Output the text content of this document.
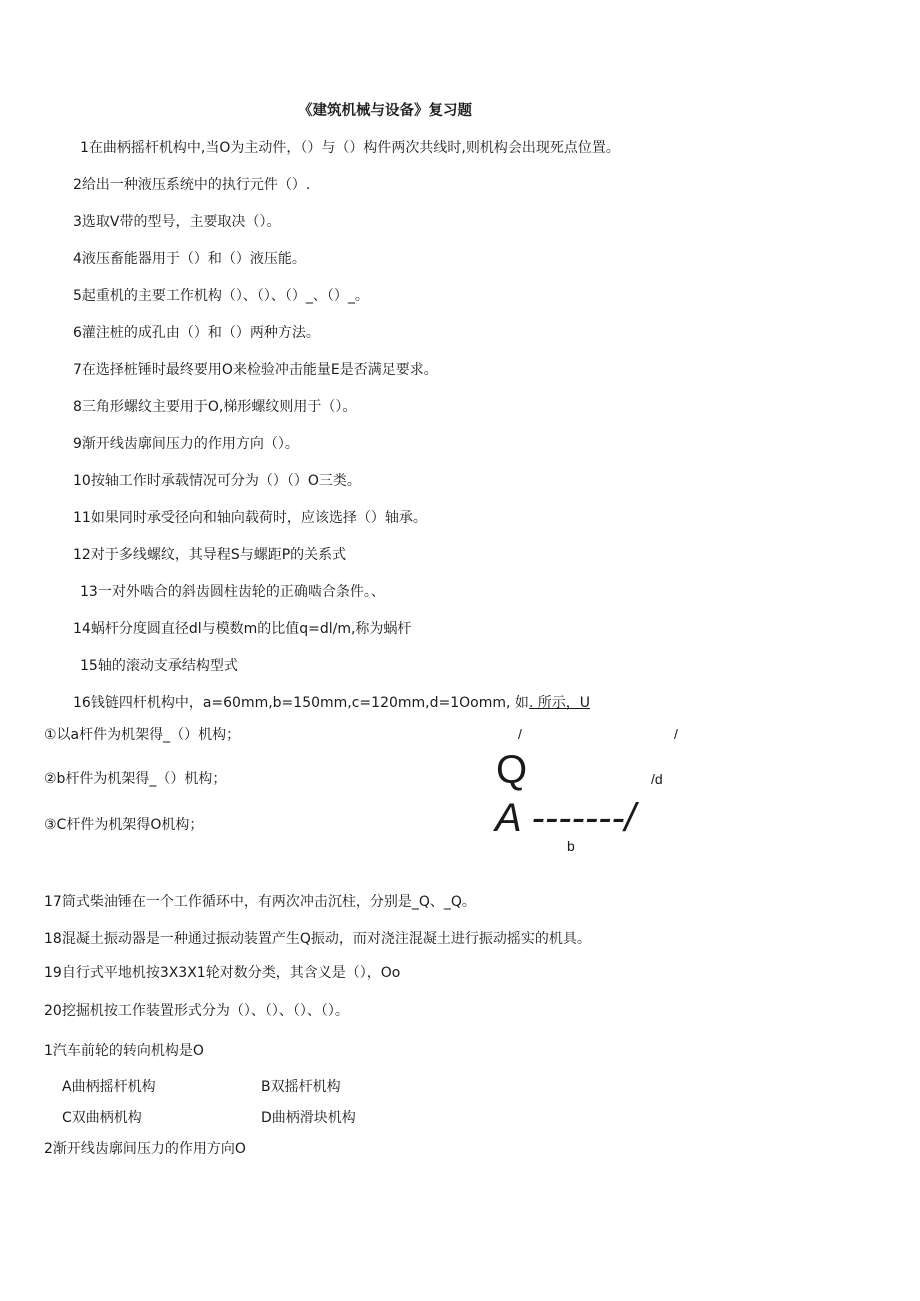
《建筑机械与设备》复习题
1在曲柄摇杆机构中,当O为主动件，（）与（）构件两次共线时,则机构会出现死点位置。
2给出一种液压系统中的执行元件（）.
3选取V带的型号，主要取决（）。
4液压畜能器用于（）和（）液压能。
5起重机的主要工作机构（）、（）、（）_、（）_。
6灌注桩的成孔由（）和（）两种方法。
7在选择桩锤时最终要用O来检验冲击能量E是否满足要求。
8三角形螺纹主要用于O,梯形螺纹则用于（）。
9渐开线齿廓间压力的作用方向（）。
10按轴工作时承载情况可分为（）（）O三类。
11如果同时承受径向和轴向载荷时，应该选择（）轴承。
12对于多线螺纹，其导程S与螺距P的关系式
13一对外啮合的斜齿圆柱齿轮的正确啮合条件。、
14蜗杆分度圆直径dl与模数m的比值q=dl∕m,称为蜗杆
15轴的滚动支承结构型式
16钱链四杆机构中，a=60mm,b=150mm,c=120mm,d=1Oomm, 如. 所示，U
①以a杆件为机架得_（）机构；
②b杆件为机架得_（）机构；
③C杆件为机架得O机构；
/	/
Q	/d
A -------/
b
17筒式柴油锤在一个工作循环中，有两次冲击沉柱，分别是_Q、_Q。
18混凝土振动器是一种通过振动装置产生Q振动，而对浇注混凝土进行振动摇实的机具。
19自行式平地机按3X3X1轮对数分类，其含义是（），Oo
20挖掘机按工作装置形式分为（）、（）、（）、（）。
1汽车前轮的转向机构是O
A曲柄摇杆机构	B双摇杆机构
C双曲柄机构	D曲柄滑块机构
2渐开线齿廓间压力的作用方向O
